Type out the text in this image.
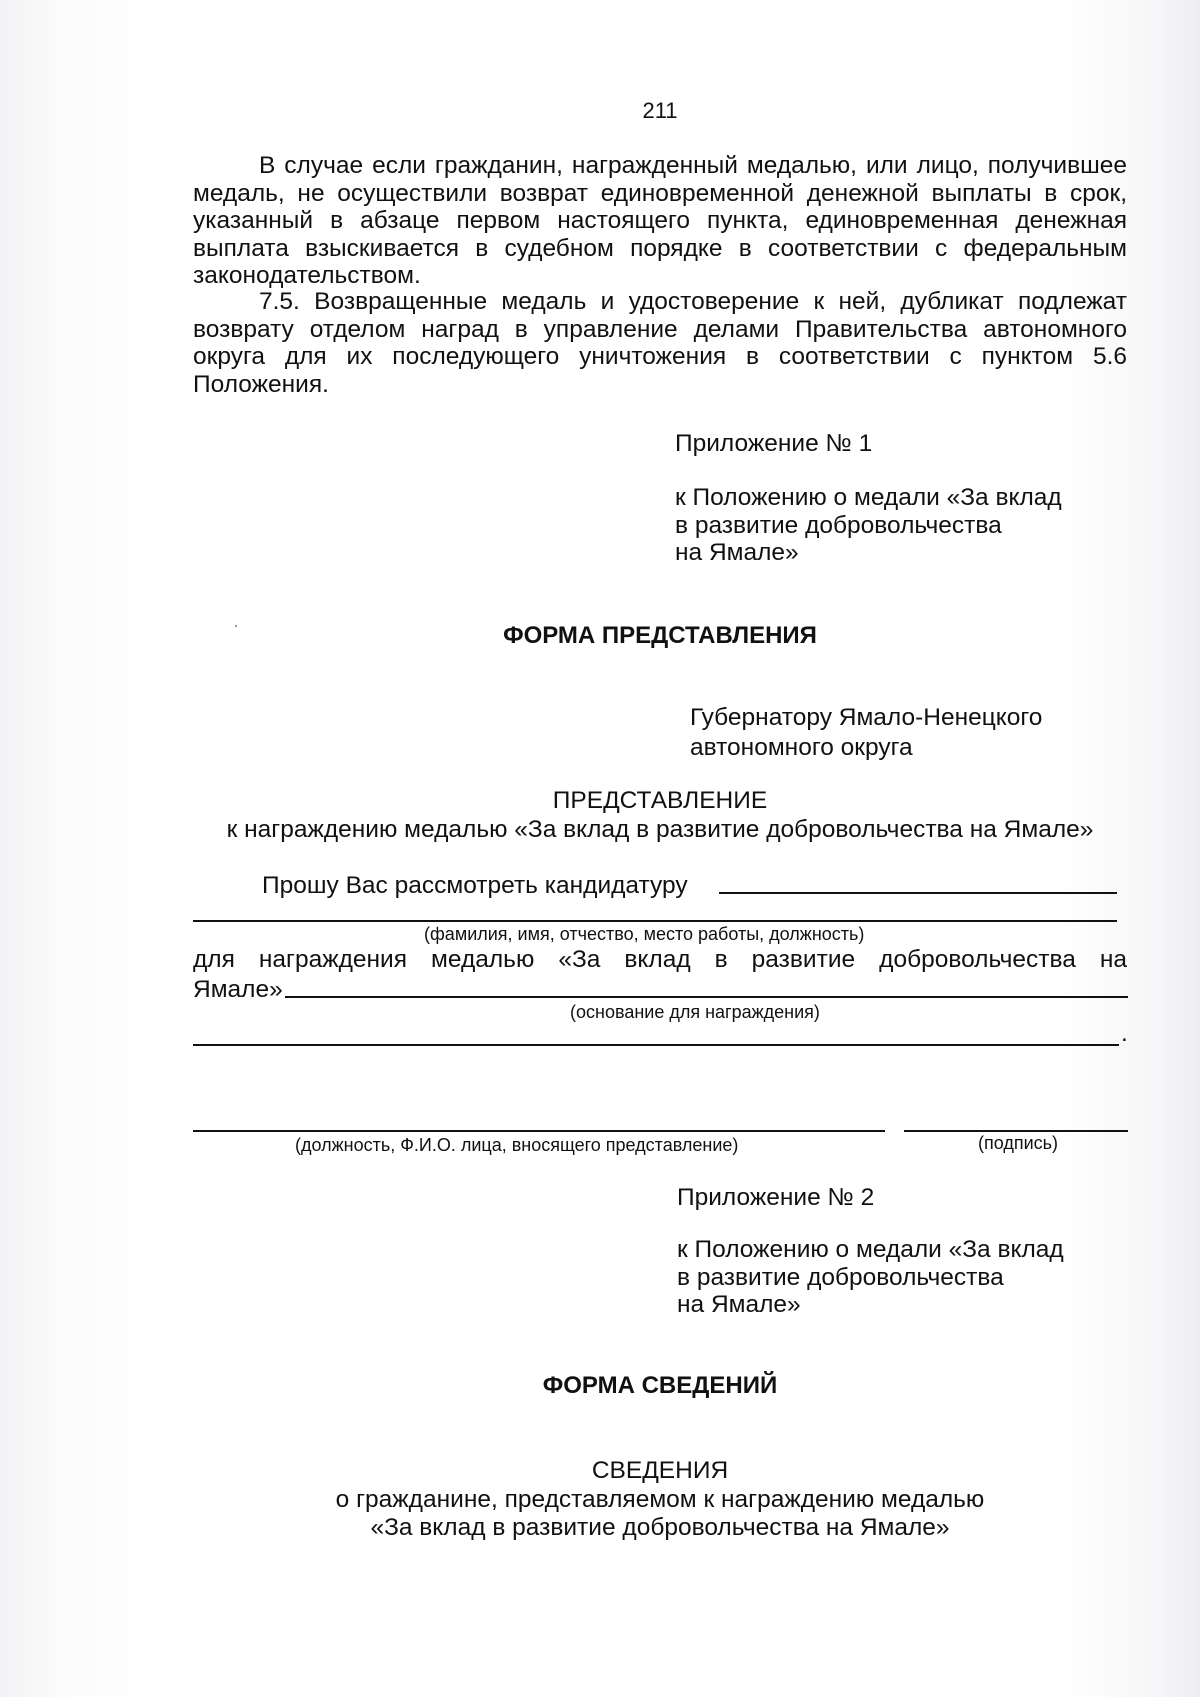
211

В случае если гражданин, награжденный медалью, или лицо, получившее медаль, не осуществили возврат единовременной денежной выплаты в срок, указанный в абзаце первом настоящего пункта, единовременная денежная выплата взыскивается в судебном порядке в соответствии с федеральным законодательством.

7.5. Возвращенные медаль и удостоверение к ней, дубликат подлежат возврату отделом наград в управление делами Правительства автономного округа для их последующего уничтожения в соответствии с пунктом 5.6 Положения.

Приложение № 1
к Положению о медали «За вклад
в развитие добровольчества
на Ямале»
ФОРМА ПРЕДСТАВЛЕНИЯ
Губернатору Ямало-Ненецкого
автономного округа
ПРЕДСТАВЛЕНИЕ
к награждению медалью «За вклад в развитие добровольчества на Ямале»
Прошу Вас рассмотреть кандидатуру
(фамилия, имя, отчество, место работы, должность)
для награждения медалью «За вклад в развитие добровольчества на
Ямале»
(основание для награждения)
.
(должность, Ф.И.О. лица, вносящего представление)	(подпись)
Приложение № 2
к Положению о медали «За вклад
в развитие добровольчества
на Ямале»
ФОРМА СВЕДЕНИЙ
СВЕДЕНИЯ
о гражданине, представляемом к награждению медалью
«За вклад в развитие добровольчества на Ямале»
